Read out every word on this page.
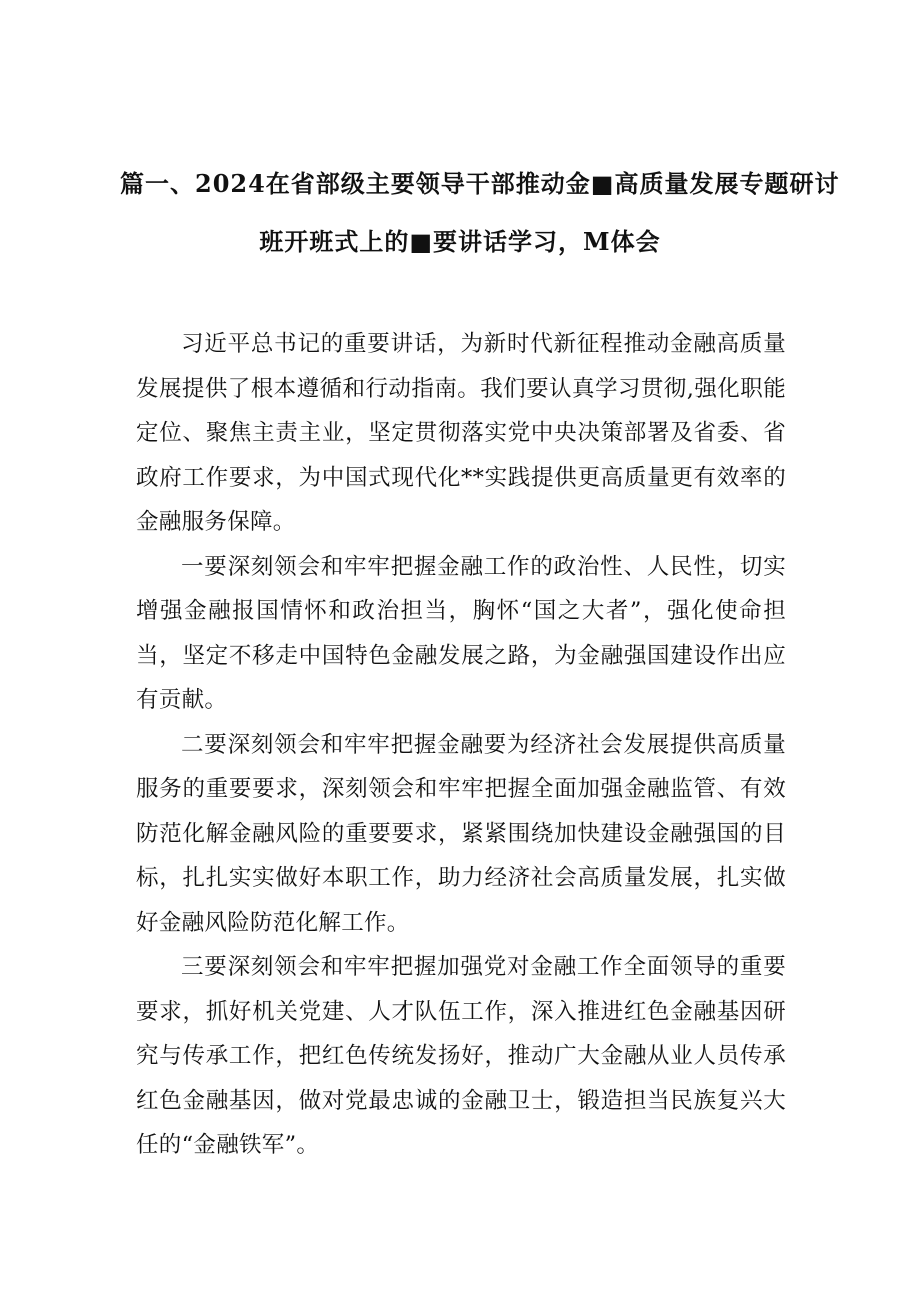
篇一、2024在省部级主要领导干部推动金■高质量发展专题研讨
班开班式上的■要讲话学习，M体会

习近平总书记的重要讲话，为新时代新征程推动金融高质量发展提供了根本遵循和行动指南。我们要认真学习贯彻,强化职能定位、聚焦主责主业，坚定贯彻落实党中央决策部署及省委、省政府工作要求，为中国式现代化**实践提供更高质量更有效率的金融服务保障。

一要深刻领会和牢牢把握金融工作的政治性、人民性，切实增强金融报国情怀和政治担当，胸怀“国之大者”，强化使命担当，坚定不移走中国特色金融发展之路，为金融强国建设作出应有贡献。

二要深刻领会和牢牢把握金融要为经济社会发展提供高质量服务的重要要求，深刻领会和牢牢把握全面加强金融监管、有效防范化解金融风险的重要要求，紧紧围绕加快建设金融强国的目标，扎扎实实做好本职工作，助力经济社会高质量发展，扎实做好金融风险防范化解工作。

三要深刻领会和牢牢把握加强党对金融工作全面领导的重要要求，抓好机关党建、人才队伍工作，深入推进红色金融基因研究与传承工作，把红色传统发扬好，推动广大金融从业人员传承红色金融基因，做对党最忠诚的金融卫士，锻造担当民族复兴大任的“金融铁军”。
